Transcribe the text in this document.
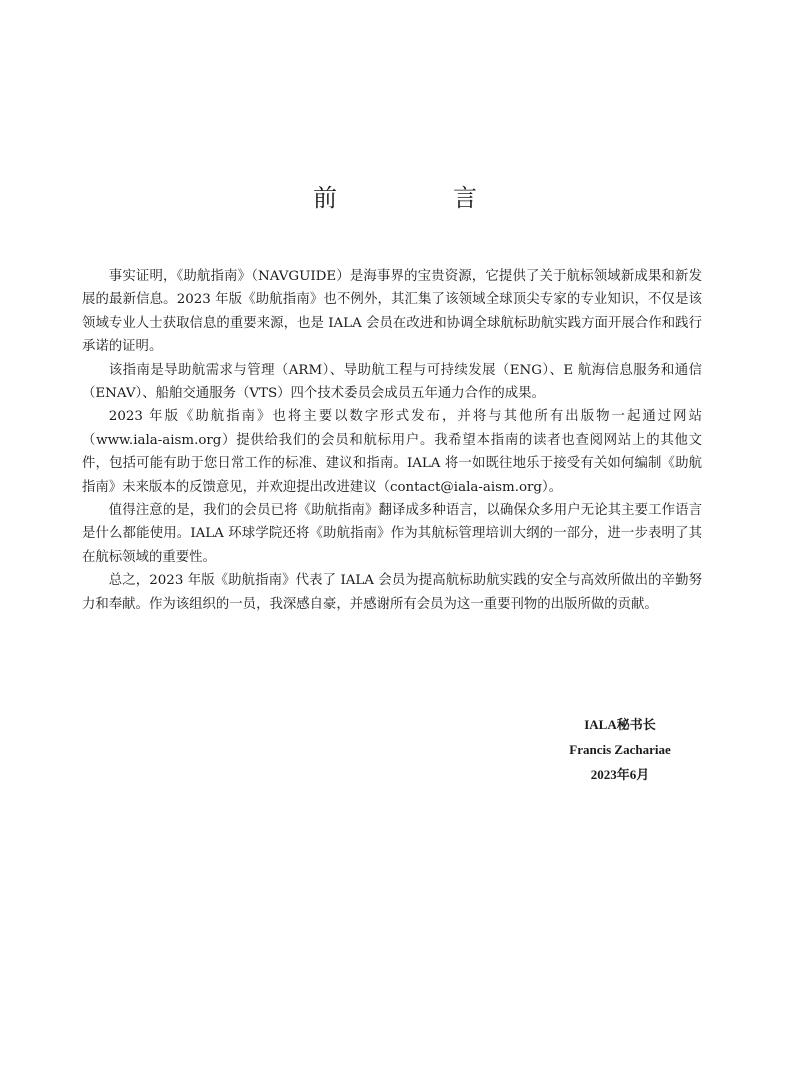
前　言

事实证明，《助航指南》（NAVGUIDE）是海事界的宝贵资源，它提供了关于航标领域新成果和新发展的最新信息。2023 年版《助航指南》也不例外，其汇集了该领域全球顶尖专家的专业知识，不仅是该领域专业人士获取信息的重要来源，也是 IALA 会员在改进和协调全球航标助航实践方面开展合作和践行承诺的证明。

该指南是导助航需求与管理（ARM）、导助航工程与可持续发展（ENG）、E 航海信息服务和通信（ENAV）、船舶交通服务（VTS）四个技术委员会成员五年通力合作的成果。

2023 年版《助航指南》也将主要以数字形式发布，并将与其他所有出版物一起通过网站（www.iala-aism.org）提供给我们的会员和航标用户。我希望本指南的读者也查阅网站上的其他文件，包括可能有助于您日常工作的标准、建议和指南。IALA 将一如既往地乐于接受有关如何编制《助航指南》未来版本的反馈意见，并欢迎提出改进建议（contact@iala-aism.org）。

值得注意的是，我们的会员已将《助航指南》翻译成多种语言，以确保众多用户无论其主要工作语言是什么都能使用。IALA 环球学院还将《助航指南》作为其航标管理培训大纲的一部分，进一步表明了其在航标领域的重要性。

总之，2023 年版《助航指南》代表了 IALA 会员为提高航标助航实践的安全与高效所做出的辛勤努力和奉献。作为该组织的一员，我深感自豪，并感谢所有会员为这一重要刊物的出版所做的贡献。

IALA秘书长
Francis Zachariae
2023年6月
